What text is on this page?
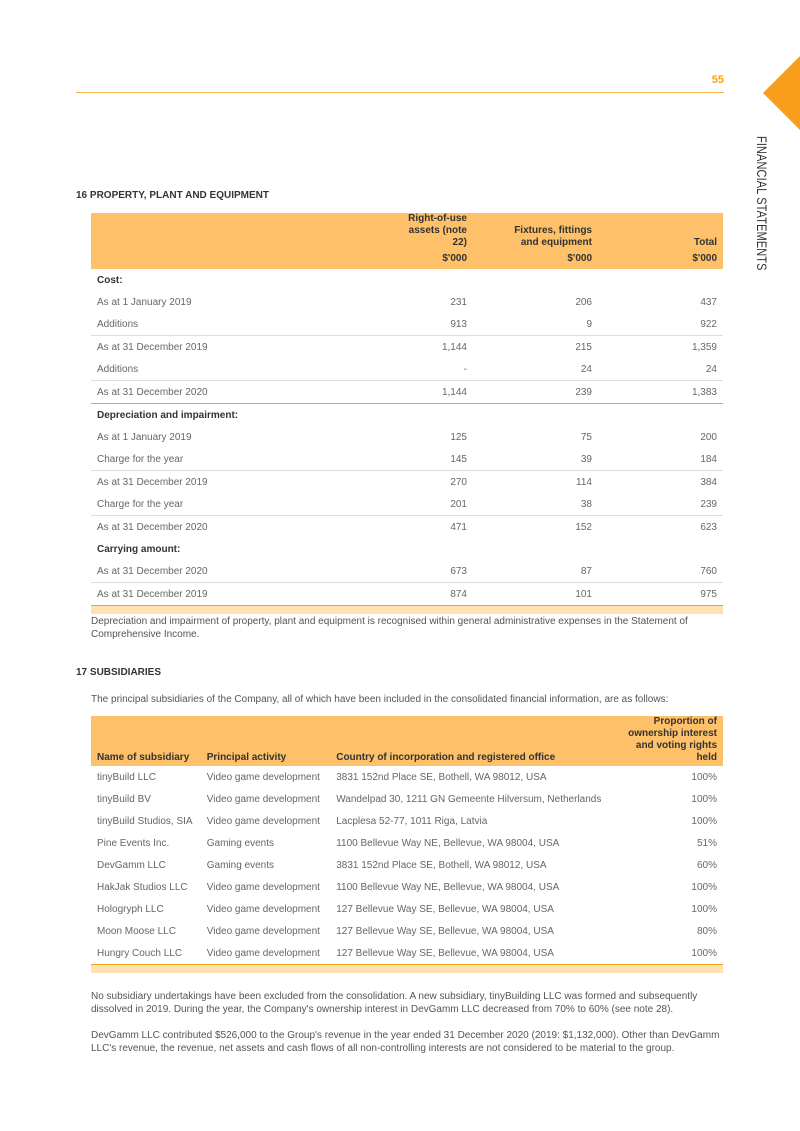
55
FINANCIAL STATEMENTS
16 PROPERTY, PLANT AND EQUIPMENT
	Right-of-use assets (note 22)	Fixtures, fittings and equipment	Total
	$'000	$'000	$'000
Cost:			
As at 1 January 2019	231	206	437
Additions	913	9	922
As at 31 December 2019	1,144	215	1,359
Additions	-	24	24
As at 31 December 2020	1,144	239	1,383
Depreciation and impairment:			
As at 1 January 2019	125	75	200
Charge for the year	145	39	184
As at 31 December 2019	270	114	384
Charge for the year	201	38	239
As at 31 December 2020	471	152	623
Carrying amount:			
As at 31 December 2020	673	87	760
As at 31 December 2019	874	101	975

Depreciation and impairment of property, plant and equipment is recognised within general administrative expenses in the Statement of Comprehensive Income.
17 SUBSIDIARIES
The principal subsidiaries of the Company, all of which have been included in the consolidated financial information, are as follows:
Name of subsidiary	Principal activity	Country of incorporation and registered office	Proportion of ownership interest and voting rights held
tinyBuild LLC	Video game development	3831 152nd Place SE, Bothell, WA 98012, USA	100%
tinyBuild BV	Video game development	Wandelpad 30, 1211 GN Gemeente Hilversum, Netherlands	100%
tinyBuild Studios, SIA	Video game development	Lacplesa 52-77, 1011 Riga, Latvia	100%
Pine Events Inc.	Gaming events	1100 Bellevue Way NE, Bellevue, WA 98004, USA	51%
DevGamm LLC	Gaming events	3831 152nd Place SE, Bothell, WA 98012, USA	60%
HakJak Studios LLC	Video game development	1100 Bellevue Way NE, Bellevue, WA 98004, USA	100%
Hologryph LLC	Video game development	127 Bellevue Way SE, Bellevue, WA 98004, USA	100%
Moon Moose LLC	Video game development	127 Bellevue Way SE, Bellevue, WA 98004, USA	80%
Hungry Couch LLC	Video game development	127 Bellevue Way SE, Bellevue, WA 98004, USA	100%

No subsidiary undertakings have been excluded from the consolidation. A new subsidiary, tinyBuilding LLC was formed and subsequently dissolved in 2019. During the year, the Company's ownership interest in DevGamm LLC decreased from 70% to 60% (see note 28).
DevGamm LLC contributed $526,000 to the Group's revenue in the year ended 31 December 2020 (2019: $1,132,000). Other than DevGamm LLC's revenue, the revenue, net assets and cash flows of all non-controlling interests are not considered to be material to the group.
